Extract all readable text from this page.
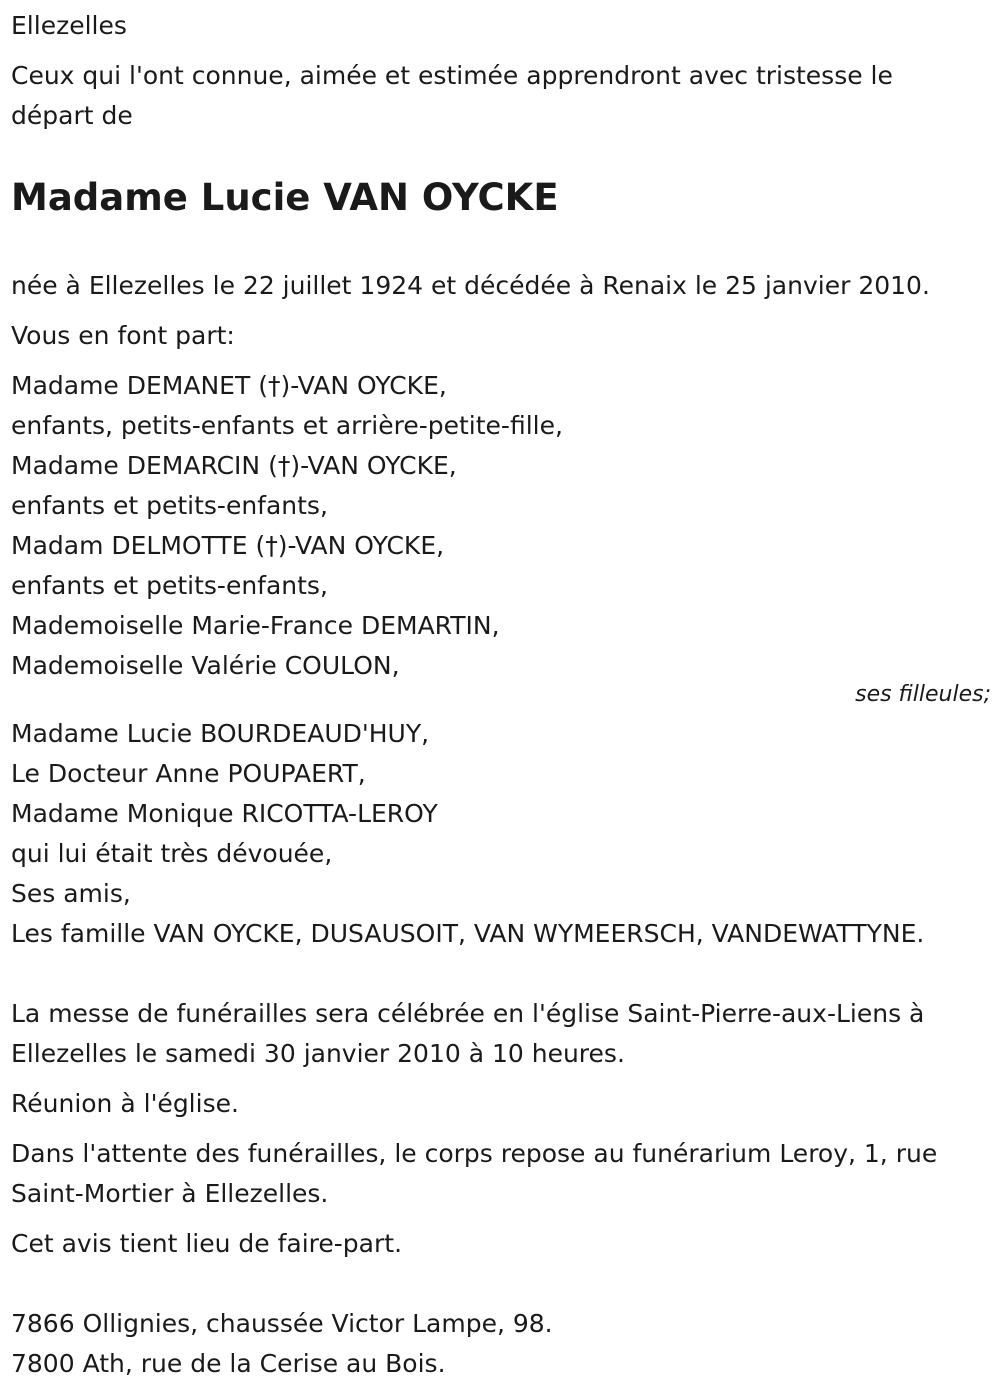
Ellezelles
Ceux qui l'ont connue, aimée et estimée apprendront avec tristesse le
départ de
Madame Lucie VAN OYCKE
née à Ellezelles le 22 juillet 1924 et décédée à Renaix le 25 janvier 2010.
Vous en font part:
Madame DEMANET (†)-VAN OYCKE,
enfants, petits-enfants et arrière-petite-fille,
Madame DEMARCIN (†)-VAN OYCKE,
enfants et petits-enfants,
Madam DELMOTTE (†)-VAN OYCKE,
enfants et petits-enfants,
Mademoiselle Marie-France DEMARTIN,
Mademoiselle Valérie COULON,
ses filleules;
Madame Lucie BOURDEAUD'HUY,
Le Docteur Anne POUPAERT,
Madame Monique RICOTTA-LEROY
qui lui était très dévouée,
Ses amis,
Les famille VAN OYCKE, DUSAUSOIT, VAN WYMEERSCH, VANDEWATTYNE.
La messe de funérailles sera célébrée en l'église Saint-Pierre-aux-Liens à
Ellezelles le samedi 30 janvier 2010 à 10 heures.
Réunion à l'église.
Dans l'attente des funérailles, le corps repose au funérarium Leroy, 1, rue
Saint-Mortier à Ellezelles.
Cet avis tient lieu de faire-part.
7866 Ollignies, chaussée Victor Lampe, 98.
7800 Ath, rue de la Cerise au Bois.
